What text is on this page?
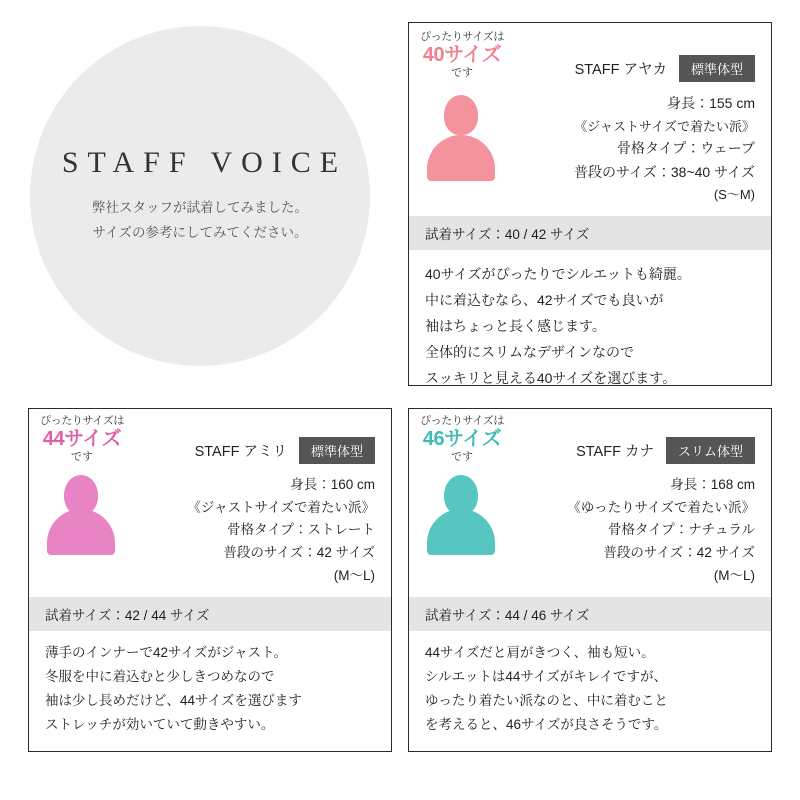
STAFF VOICE
弊社スタッフが試着してみました。
サイズの参考にしてみてください。
ぴったりサイズは
40サイズ
です	STAFF アヤカ	標準体型
身長：155 cm
《ジャストサイズで着たい派》
骨格タイプ：ウェーブ
普段のサイズ：38~40 サイズ
(S〜M)
試着サイズ：40 / 42 サイズ
40サイズがぴったりでシルエットも綺麗。
中に着込むなら、42サイズでも良いが
袖はちょっと長く感じます。
全体的にスリムなデザインなので
スッキリと見える40サイズを選びます。
ぴったりサイズは
44サイズ
です	STAFF アミリ	標準体型
身長：160 cm
《ジャストサイズで着たい派》
骨格タイプ：ストレート
普段のサイズ：42 サイズ
(M〜L)
試着サイズ：42 / 44 サイズ
薄手のインナーで42サイズがジャスト。
冬服を中に着込むと少しきつめなので
袖は少し長めだけど、44サイズを選びます
ストレッチが効いていて動きやすい。
ぴったりサイズは
46サイズ
です	STAFF カナ	スリム体型
身長：168 cm
《ゆったりサイズで着たい派》
骨格タイプ：ナチュラル
普段のサイズ：42 サイズ
(M〜L)
試着サイズ：44 / 46 サイズ
44サイズだと肩がきつく、袖も短い。
シルエットは44サイズがキレイですが、
ゆったり着たい派なのと、中に着むこと
を考えると、46サイズが良さそうです。
